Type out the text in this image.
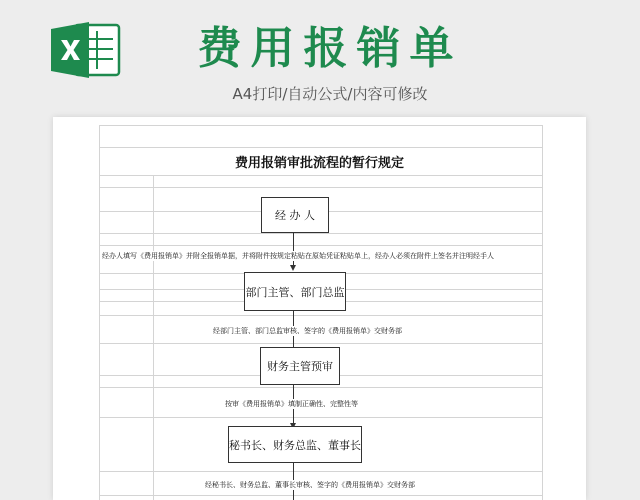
费用报销单
A4打印/自动公式/内容可修改
费用报销审批流程的暂行规定
经 办 人
部门主管、部门总监
财务主管预审
秘书长、财务总监、董事长
经办人填写《费用报销单》并附全报销单据，并将附件按规定粘贴在原始凭证粘贴单上，经办人必须在附件上签名并注明经手人
经部门主管、部门总监审核、签字的《费用报销单》交财务部
按审《费用报销单》填制正确性、完整性等
经秘书长、财务总监、董事长审核、签字的《费用报销单》交财务部
